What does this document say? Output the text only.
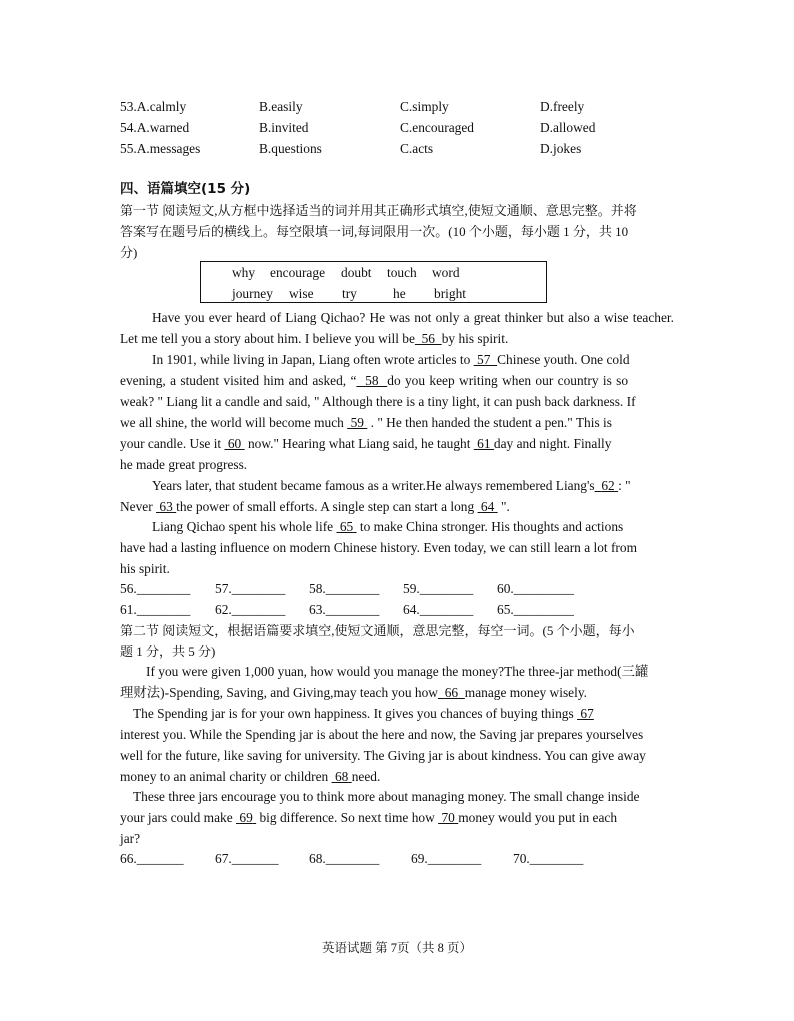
53.A.calmly	B.easily	C.simply	D.freely
54.A.warned	B.invited	C.encouraged	D.allowed
55.A.messages	B.questions	C.acts	D.jokes
四、语篇填空(15 分)
第一节 阅读短文,从方框中选择适当的词并用其正确形式填空,使短文通顺、意思完整。并将
答案写在题号后的横线上。每空限填一词,每词限用一次。(10 个小题，每小题 1 分，共 10
分)
why encourage doubt touch word
journey wise try	he bright
Have you ever heard of Liang Qichao? He was not only a great thinker but also a wise teacher. Let me tell you a story about him. I believe you will be 56 by his spirit.
In 1901, while living in Japan, Liang often wrote articles to  57 Chinese youth. One cold
evening, a student visited him and asked, “ 58 do you keep writing when our country is so
weak? " Liang lit a candle and said, " Although there is a tiny light, it can push back darkness. If
we all shine, the world will become much  59  . " He then handed the student a pen." This is
your candle. Use it  60  now." Hearing what Liang said, he taught  61 day and night. Finally
he made great progress.
Years later, that student became famous as a writer.He always remembered Liang's 62 : "
Never  63 the power of small efforts. A single step can start a long  64  ".
Liang Qichao spent his whole life  65  to make China stronger. His thoughts and actions
have had a lasting influence on modern Chinese history. Even today, we can still learn a lot from
his spirit.
56.________ 57.________ 58.________ 59.________ 60._________
61.________ 62.________ 63.________ 64.________ 65._________
第二节 阅读短文，根据语篇要求填空,使短文通顺，意思完整，每空一词。(5 个小题，每小
题 1 分，共 5 分)
If you were given 1,000 yuan, how would you manage the money?The three-jar method(三罐
理财法)-Spending, Saving, and Giving,may teach you how 66 manage money wisely.
The Spending jar is for your own happiness. It gives you chances of buying things  67
interest you. While the Spending jar is about the here and now, the Saving jar prepares yourselves
well for the future, like saving for university. The Giving jar is about kindness. You can give away
money to an animal charity or children  68 need.
These three jars encourage you to think more about managing money. The small change inside
your jars could make  69  big difference. So next time how  70 money would you put in each
jar?
66._______ 67._______ 68.________ 69.________ 70.________
英语试题 第 7页（共 8 页）
